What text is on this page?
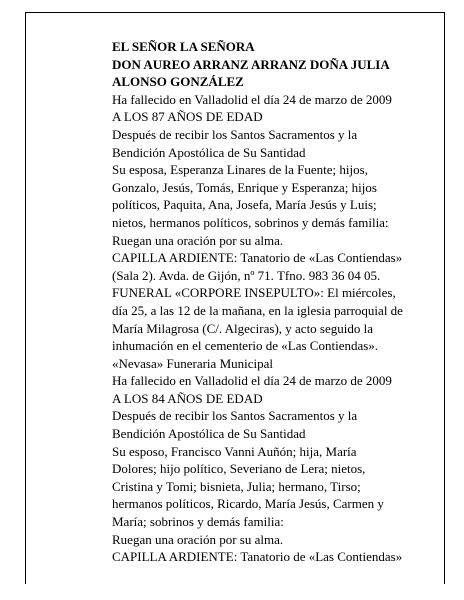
EL SEÑOR LA SEÑORA
DON AUREO ARRANZ ARRANZ DOÑA JULIA
ALONSO GONZÁLEZ
Ha fallecido en Valladolid el día 24 de marzo de 2009
A LOS 87 AÑOS DE EDAD
Después de recibir los Santos Sacramentos y la
Bendición Apostólica de Su Santidad
Su esposa, Esperanza Linares de la Fuente; hijos,
Gonzalo, Jesús, Tomás, Enrique y Esperanza; hijos
políticos, Paquita, Ana, Josefa, María Jesús y Luis;
nietos, hermanos políticos, sobrinos y demás familia:
Ruegan una oración por su alma.
CAPILLA ARDIENTE: Tanatorio de «Las Contiendas»
(Sala 2). Avda. de Gijón, nº 71. Tfno. 983 36 04 05.
FUNERAL «CORPORE INSEPULTO»: El miércoles,
día 25, a las 12 de la mañana, en la iglesia parroquial de
María Milagrosa (C/. Algeciras), y acto seguido la
inhumación en el cementerio de «Las Contiendas».
«Nevasa» Funeraria Municipal
Ha fallecido en Valladolid el día 24 de marzo de 2009
A LOS 84 AÑOS DE EDAD
Después de recibir los Santos Sacramentos y la
Bendición Apostólica de Su Santidad
Su esposo, Francisco Vanni Auñón; hija, María
Dolores; hijo político, Severiano de Lera; nietos,
Cristina y Tomi; bisnieta, Julia; hermano, Tirso;
hermanos políticos, Ricardo, María Jesús, Carmen y
María; sobrinos y demás familia:
Ruegan una oración por su alma.
CAPILLA ARDIENTE: Tanatorio de «Las Contiendas»
